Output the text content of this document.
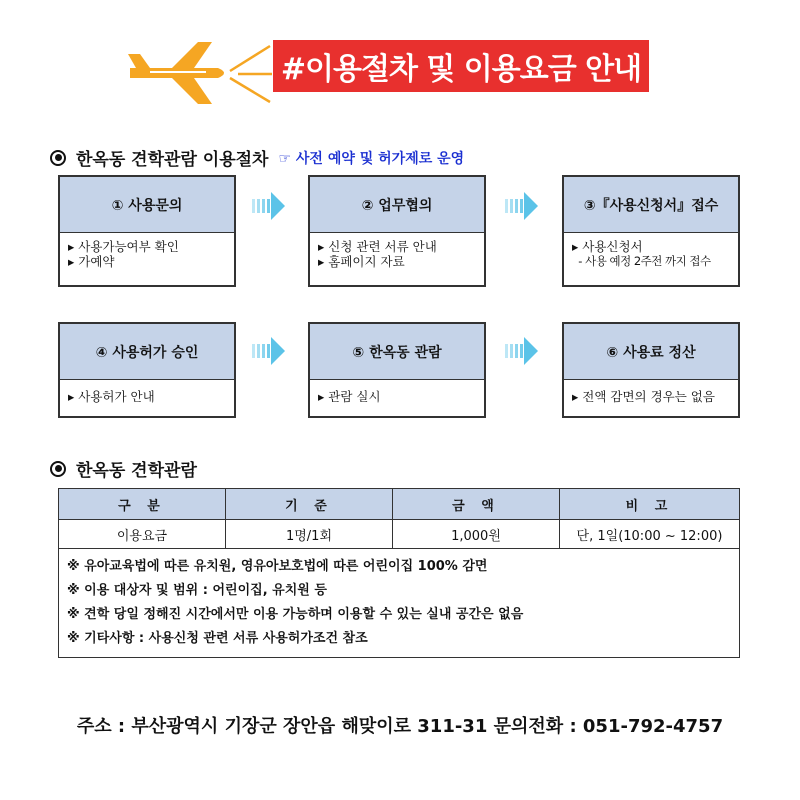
#이용절차 및 이용요금 안내
한옥동 견학관람 이용절차 ☞ 사전 예약 및 허가제로 운영
① 사용문의
▸ 사용가능여부 확인
▸ 가예약
② 업무협의
▸ 신청 관련 서류 안내
▸ 홈페이지 자료
③『사용신청서』접수
▸ 사용신청서
- 사용 예정 2주전 까지 접수
④ 사용허가 승인
▸ 사용허가 안내
⑤ 한옥동 관람
▸ 관람 실시
⑥ 사용료 정산
▸ 전액 감면의 경우는 없음
한옥동 견학관람
구 분	기 준	금 액	비 고
이용요금	1명/1회	1,000원	단, 1일(10:00 ~ 12:00)

※ 유아교육법에 따른 유치원, 영유아보호법에 따른 어린이집 100% 감면
※ 이용 대상자 및 범위 : 어린이집, 유치원 등
※ 견학 당일 정해진 시간에서만 이용 가능하며 이용할 수 있는 실내 공간은 없음
※ 기타사항 : 사용신청 관련 서류 사용허가조건 참조			
주소 : 부산광역시 기장군 장안읍 해맞이로 311-31 문의전화 : 051-792-4757
